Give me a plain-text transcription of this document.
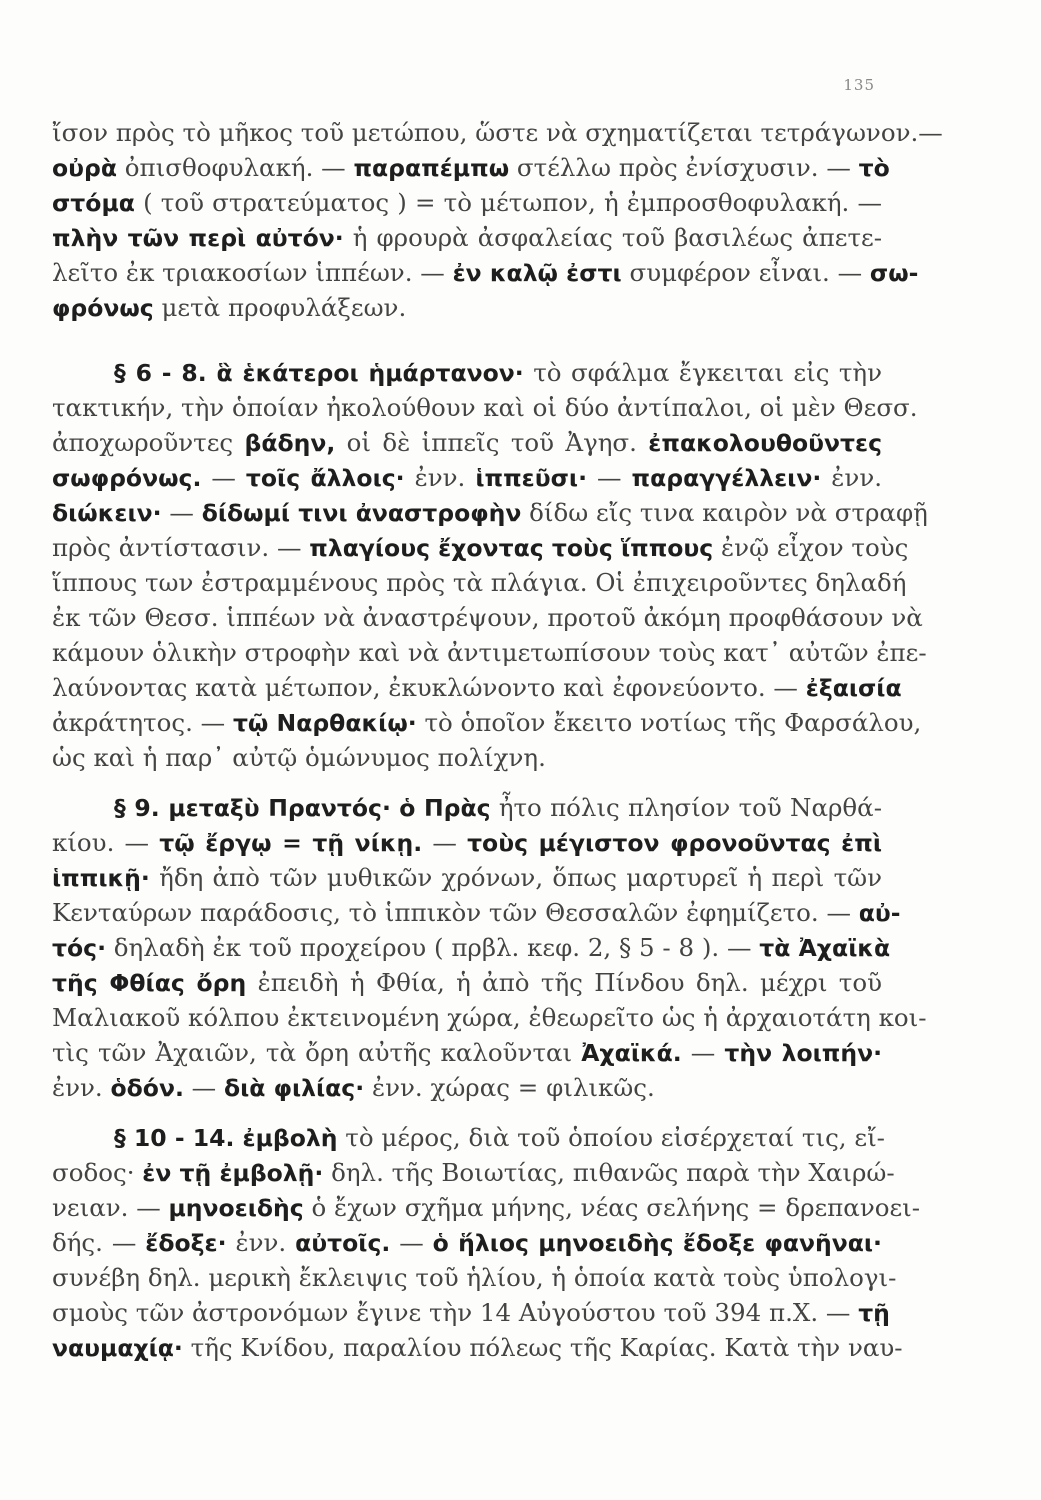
135
ἴσον πρὸς τὸ μῆκος τοῦ μετώπου, ὥστε νὰ σχηματίζεται τετράγωνον.—
οὐρὰ ὀπισθοφυλακή. — παραπέμπω στέλλω πρὸς ἐνίσχυσιν. — τὸ
στόμα ( τοῦ στρατεύματος ) = τὸ μέτωπον, ἡ ἐμπροσθοφυλακή. —
πλὴν τῶν περὶ αὐτόν· ἡ φρουρὰ ἀσφαλείας τοῦ βασιλέως ἀπετε-
λεῖτο ἐκ τριακοσίων ἱππέων. — ἐν καλῷ ἐστι συμφέρον εἶναι. — σω-
φρόνως μετὰ προφυλάξεων.
§ 6 - 8. ἃ ἑκάτεροι ἡμάρτανον· τὸ σφάλμα ἔγκειται εἰς τὴν
τακτικήν, τὴν ὁποίαν ἠκολούθουν καὶ οἱ δύο ἀντίπαλοι, οἱ μὲν Θεσσ.
ἀποχωροῦντες βάδην, οἱ δὲ ἱππεῖς τοῦ Ἀγησ. ἐπακολουθοῦντες
σωφρόνως. — τοῖς ἄλλοις· ἐνν. ἱππεῦσι· — παραγγέλλειν· ἐνν.
διώκειν· — δίδωμί τινι ἀναστροφὴν δίδω εἴς τινα καιρὸν νὰ στραφῇ
πρὸς ἀντίστασιν. — πλαγίους ἔχοντας τοὺς ἵππους ἐνῷ εἶχον τοὺς
ἵππους των ἐστραμμένους πρὸς τὰ πλάγια. Οἱ ἐπιχειροῦντες δηλαδή
ἐκ τῶν Θεσσ. ἱππέων νὰ ἀναστρέψουν, προτοῦ ἀκόμη προφθάσουν νὰ
κάμουν ὁλικὴν στροφὴν καὶ νὰ ἀντιμετωπίσουν τοὺς κατ᾽ αὐτῶν ἐπε-
λαύνοντας κατὰ μέτωπον, ἐκυκλώνοντο καὶ ἐφονεύοντο. — ἐξαισία
ἀκράτητος. — τῷ Ναρθακίῳ· τὸ ὁποῖον ἔκειτο νοτίως τῆς Φαρσάλου,
ὡς καὶ ἡ παρ᾽ αὐτῷ ὁμώνυμος πολίχνη.
§ 9. μεταξὺ Πραντός· ὁ Πρὰς ἦτο πόλις πλησίον τοῦ Ναρθά-
κίου. — τῷ ἔργῳ = τῇ νίκῃ. — τοὺς μέγιστον φρονοῦντας ἐπὶ
ἱππικῇ· ἤδη ἀπὸ τῶν μυθικῶν χρόνων, ὅπως μαρτυρεῖ ἡ περὶ τῶν
Κενταύρων παράδοσις, τὸ ἱππικὸν τῶν Θεσσαλῶν ἐφημίζετο. — αὐ-
τός· δηλαδὴ ἐκ τοῦ προχείρου ( πρβλ. κεφ. 2, § 5 - 8 ). — τὰ Ἀχαϊκὰ
τῆς Φθίας ὄρη ἐπειδὴ ἡ Φθία, ἡ ἀπὸ τῆς Πίνδου δηλ. μέχρι τοῦ
Μαλιακοῦ κόλπου ἐκτεινομένη χώρα, ἐθεωρεῖτο ὡς ἡ ἀρχαιοτάτη κοι-
τὶς τῶν Ἀχαιῶν, τὰ ὄρη αὐτῆς καλοῦνται Ἀχαϊκά. — τὴν λοιπήν·
ἐνν. ὁδόν. — διὰ φιλίας· ἐνν. χώρας = φιλικῶς.
§ 10 - 14. ἐμβολὴ τὸ μέρος, διὰ τοῦ ὁποίου εἰσέρχεταί τις, εἴ-
σοδος· ἐν τῇ ἐμβολῇ· δηλ. τῆς Βοιωτίας, πιθανῶς παρὰ τὴν Χαιρώ-
νειαν. — μηνοειδὴς ὁ ἔχων σχῆμα μήνης, νέας σελήνης = δρεπανοει-
δής. — ἔδοξε· ἐνν. αὐτοῖς. — ὁ ἥλιος μηνοειδὴς ἔδοξε φανῆναι·
συνέβη δηλ. μερικὴ ἔκλειψις τοῦ ἡλίου, ἡ ὁποία κατὰ τοὺς ὑπολογι-
σμοὺς τῶν ἀστρονόμων ἔγινε τὴν 14 Αὐγούστου τοῦ 394 π.Χ. — τῇ
ναυμαχίᾳ· τῆς Κνίδου, παραλίου πόλεως τῆς Καρίας. Κατὰ τὴν ναυ-
